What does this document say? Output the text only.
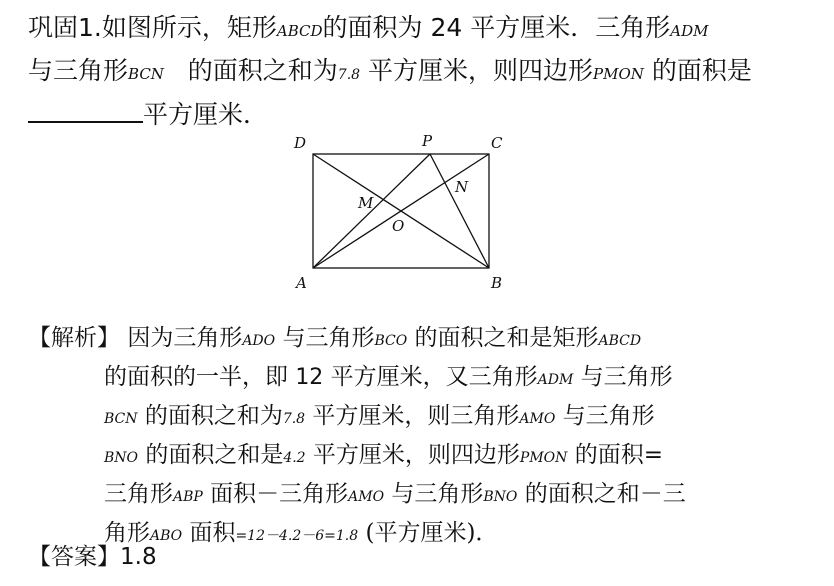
巩固1.如图所示，矩形ABCD的面积为 24 平方厘米．三角形ADM
与三角形BCN 的面积之和为7.8 平方厘米，则四边形PMON 的面积是
平方厘米．
D	P	C
M
N
O
A	B
【解析】 因为三角形ADO 与三角形BCO 的面积之和是矩形ABCD
的面积的一半，即 12 平方厘米，又三角形ADM 与三角形
BCN 的面积之和为7.8 平方厘米，则三角形AMO 与三角形
BNO 的面积之和是4.2 平方厘米，则四边形PMON 的面积=
三角形ABP 面积－三角形AMO 与三角形BNO 的面积之和－三
角形ABO 面积=12－4.2－6=1.8 (平方厘米)．
【答案】1.8
